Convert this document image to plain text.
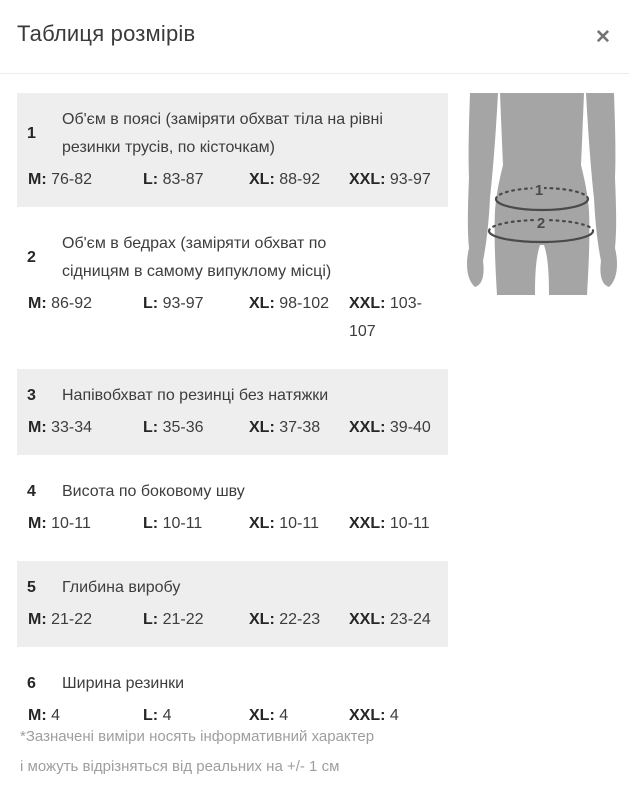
Таблиця розмірів	✕
1
Об'єм в поясі (заміряти обхват тіла на рівні
резинки трусів, по кісточкам)
M: 76-82	L: 83-87	XL: 88-92	XXL: 93-97
2
Об'єм в бедрах (заміряти обхват по
сідницям в самому випуклому місці)
M: 86-92	L: 93-97	XL: 98-102	XXL: 103-107
3	Напівобхват по резинці без натяжки
M: 33-34	L: 35-36	XL: 37-38	XXL: 39-40
4	Висота по боковому шву
M: 10-11	L: 10-11	XL: 10-11	XXL: 10-11
5	Глибина виробу
M: 21-22	L: 21-22	XL: 22-23	XXL: 23-24
6	Ширина резинки
M: 4	L: 4	XL: 4	XXL: 4
*Зазначені виміри носять інформативний характер
і можуть відрізняться від реальних на +/- 1 см
1
2
